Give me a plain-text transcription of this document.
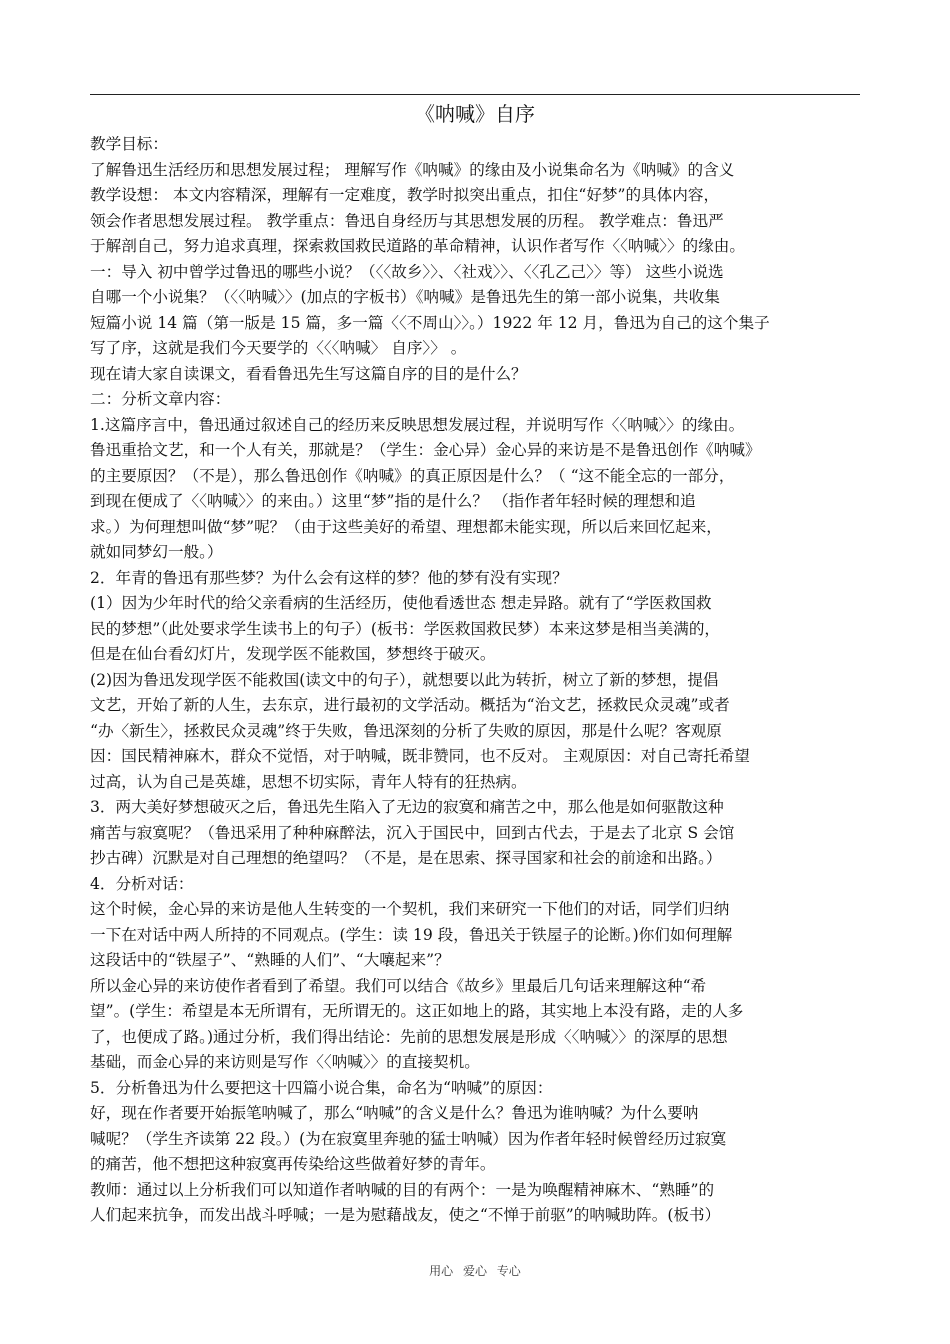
《呐喊》自序

教学目标：

了解鲁迅生活经历和思想发展过程； 理解写作《呐喊》的缘由及小说集命名为《呐喊》的含义

教学设想： 本文内容精深，理解有一定难度，教学时拟突出重点，扣住“好梦”的具体内容，

领会作者思想发展过程。 教学重点：鲁迅自身经历与其思想发展的历程。 教学难点：鲁迅严

于解剖自己，努力追求真理，探索救国救民道路的革命精神，认识作者写作〈〈呐喊〉〉的缘由。

一：导入 初中曾学过鲁迅的哪些小说？（〈〈故乡〉〉、〈社戏〉〉、〈〈孔乙己〉〉等） 这些小说选

自哪一个小说集？（〈〈呐喊〉〉(加点的字板书）《呐喊》是鲁迅先生的第一部小说集，共收集

短篇小说 14 篇（第一版是 15 篇，多一篇〈〈不周山〉〉。）1922 年 12 月，鲁迅为自己的这个集子

写了序，这就是我们今天要学的〈〈〈呐喊〉 自序〉〉 。

现在请大家自读课文，看看鲁迅先生写这篇自序的目的是什么？

二：分析文章内容：

1.这篇序言中，鲁迅通过叙述自己的经历来反映思想发展过程，并说明写作〈〈呐喊〉〉的缘由。

鲁迅重拾文艺，和一个人有关，那就是？（学生：金心异）金心异的来访是不是鲁迅创作《呐喊》

的主要原因？（不是），那么鲁迅创作《呐喊》的真正原因是什么？（ “这不能全忘的一部分，

到现在便成了〈〈呐喊〉〉的来由。）这里“梦”指的是什么？ （指作者年轻时候的理想和追

求。）为何理想叫做“梦”呢？（由于这些美好的希望、理想都未能实现，所以后来回忆起来，

就如同梦幻一般。）

2．年青的鲁迅有那些梦？为什么会有这样的梦？他的梦有没有实现？

(1）因为少年时代的给父亲看病的生活经历，使他看透世态 想走异路。就有了“学医救国救

民的梦想”（此处要求学生读书上的句子）(板书：学医救国救民梦）本来这梦是相当美满的，

但是在仙台看幻灯片，发现学医不能救国，梦想终于破灭。

(2)因为鲁迅发现学医不能救国(读文中的句子），就想要以此为转折，树立了新的梦想，提倡

文艺，开始了新的人生，去东京，进行最初的文学活动。概括为“治文艺，拯救民众灵魂”或者

“办〈新生〉，拯救民众灵魂”终于失败，鲁迅深刻的分析了失败的原因，那是什么呢？客观原

因：国民精神麻木，群众不觉悟，对于呐喊，既非赞同，也不反对。 主观原因：对自己寄托希望

过高，认为自己是英雄，思想不切实际，青年人特有的狂热病。

3．两大美好梦想破灭之后，鲁迅先生陷入了无边的寂寞和痛苦之中，那么他是如何驱散这种

痛苦与寂寞呢？（鲁迅采用了种种麻醉法，沉入于国民中，回到古代去，于是去了北京 S 会馆

抄古碑）沉默是对自己理想的绝望吗？（不是，是在思索、探寻国家和社会的前途和出路。）

4．分析对话：

这个时候，金心异的来访是他人生转变的一个契机，我们来研究一下他们的对话，同学们归纳

一下在对话中两人所持的不同观点。(学生：读 19 段，鲁迅关于铁屋子的论断。)你们如何理解

这段话中的“铁屋子”、“熟睡的人们”、“大嚷起来”？

所以金心异的来访使作者看到了希望。我们可以结合《故乡》里最后几句话来理解这种“希

望”。(学生：希望是本无所谓有，无所谓无的。这正如地上的路，其实地上本没有路，走的人多

了，也便成了路。)通过分析，我们得出结论：先前的思想发展是形成〈〈呐喊〉〉的深厚的思想

基础，而金心异的来访则是写作〈〈呐喊〉〉的直接契机。

5．分析鲁迅为什么要把这十四篇小说合集，命名为“呐喊”的原因：

好，现在作者要开始振笔呐喊了，那么“呐喊”的含义是什么？鲁迅为谁呐喊？为什么要呐

喊呢？（学生齐读第 22 段。）(为在寂寞里奔驰的猛士呐喊）因为作者年轻时候曾经历过寂寞

的痛苦，他不想把这种寂寞再传染给这些做着好梦的青年。

教师：通过以上分析我们可以知道作者呐喊的目的有两个：一是为唤醒精神麻木、“熟睡”的

人们起来抗争，而发出战斗呼喊；一是为慰藉战友，使之“不惮于前驱”的呐喊助阵。(板书）

用心 爱心 专心
